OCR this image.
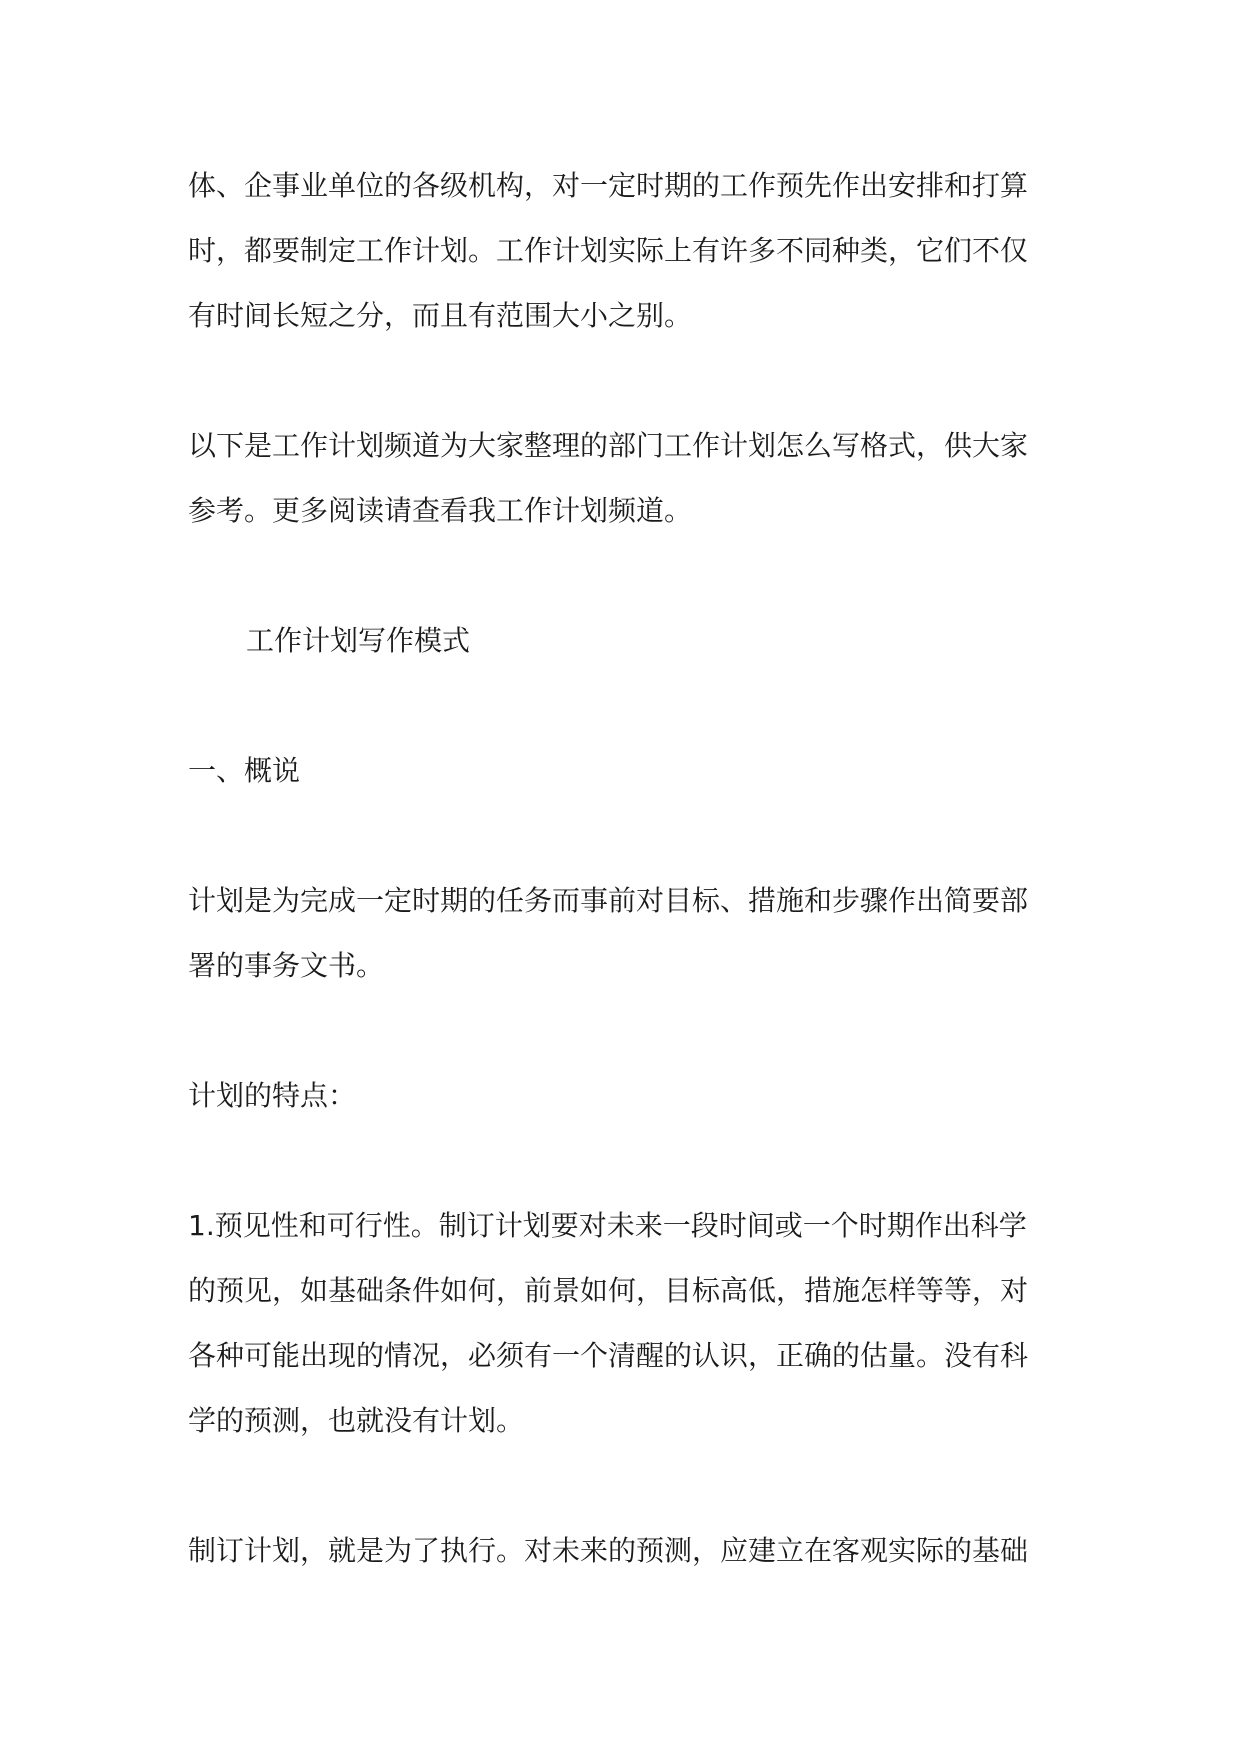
体、企事业单位的各级机构，对一定时期的工作预先作出安排和打算
时，都要制定工作计划。工作计划实际上有许多不同种类，它们不仅
有时间长短之分，而且有范围大小之别。
以下是工作计划频道为大家整理的部门工作计划怎么写格式，供大家
参考。更多阅读请查看我工作计划频道。
工作计划写作模式
一、概说
计划是为完成一定时期的任务而事前对目标、措施和步骤作出简要部
署的事务文书。
计划的特点：
1.预见性和可行性。制订计划要对未来一段时间或一个时期作出科学
的预见，如基础条件如何，前景如何，目标高低，措施怎样等等，对
各种可能出现的情况，必须有一个清醒的认识，正确的估量。没有科
学的预测，也就没有计划。
制订计划，就是为了执行。对未来的预测，应建立在客观实际的基础
